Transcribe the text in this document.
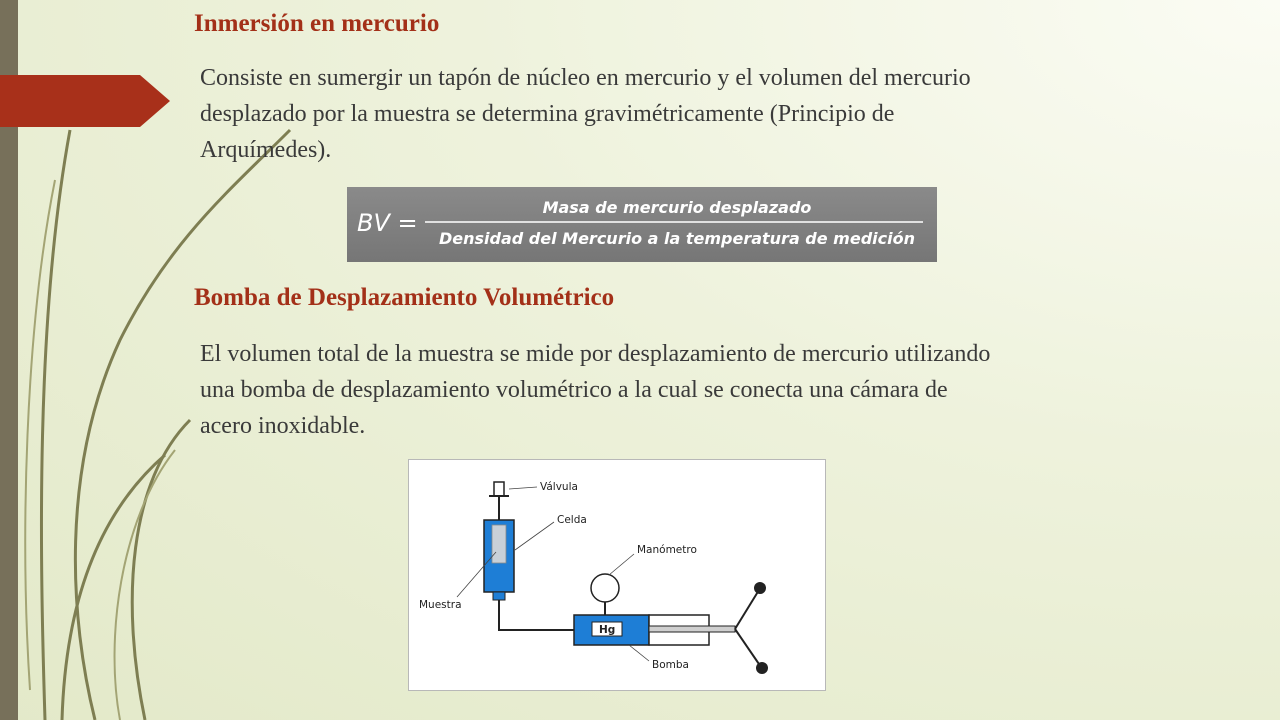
Inmersión en mercurio

Consiste en sumergir un tapón de núcleo en mercurio y el volumen del mercurio
desplazado por la muestra se determina gravimétricamente (Principio de
Arquímedes).

BV =
Masa de mercurio desplazado
Densidad del Mercurio a la temperatura de medición
Bomba de Desplazamiento Volumétrico

El volumen total de la muestra se mide por desplazamiento de mercurio utilizando
una bomba de desplazamiento volumétrico a la cual se conecta una cámara de
acero inoxidable.

Válvula
Celda
Manómetro
Muestra
Hg
Bomba
